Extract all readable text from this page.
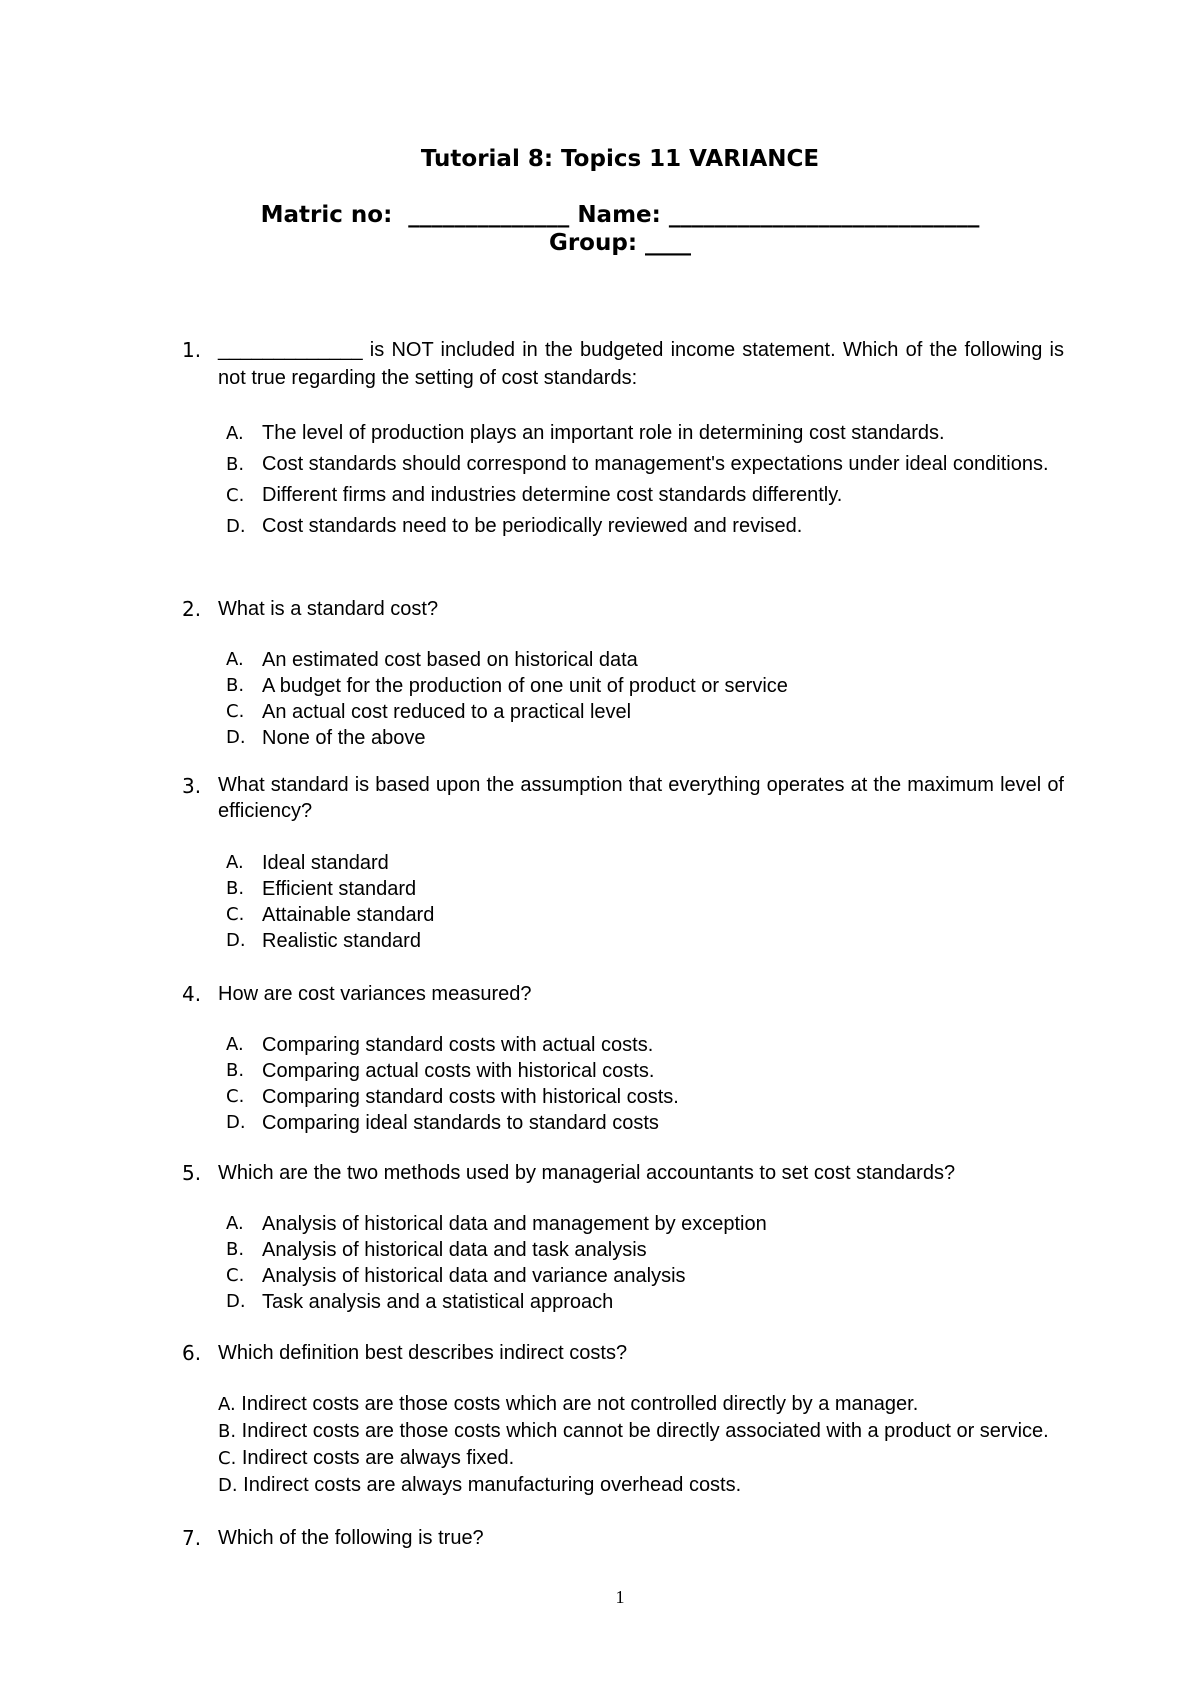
Tutorial 8: Topics 11 VARIANCE
Matric no: ______________ Name: ___________________________
Group: ____
1. _____________ is NOT included in the budgeted income statement. Which of the following is not true regarding the setting of cost standards:
A. The level of production plays an important role in determining cost standards.
B. Cost standards should correspond to management's expectations under ideal conditions.
C. Different firms and industries determine cost standards differently.
D. Cost standards need to be periodically reviewed and revised.
2. What is a standard cost?
A. An estimated cost based on historical data
B. A budget for the production of one unit of product or service
C. An actual cost reduced to a practical level
D. None of the above
3. What standard is based upon the assumption that everything operates at the maximum level of efficiency?
A. Ideal standard
B. Efficient standard
C. Attainable standard
D. Realistic standard
4. How are cost variances measured?
A. Comparing standard costs with actual costs.
B. Comparing actual costs with historical costs.
C. Comparing standard costs with historical costs.
D. Comparing ideal standards to standard costs
5. Which are the two methods used by managerial accountants to set cost standards?
A. Analysis of historical data and management by exception
B. Analysis of historical data and task analysis
C. Analysis of historical data and variance analysis
D. Task analysis and a statistical approach
6. Which definition best describes indirect costs?
A. Indirect costs are those costs which are not controlled directly by a manager.
B. Indirect costs are those costs which cannot be directly associated with a product or service.
C. Indirect costs are always fixed.
D. Indirect costs are always manufacturing overhead costs.
7. Which of the following is true?
1
